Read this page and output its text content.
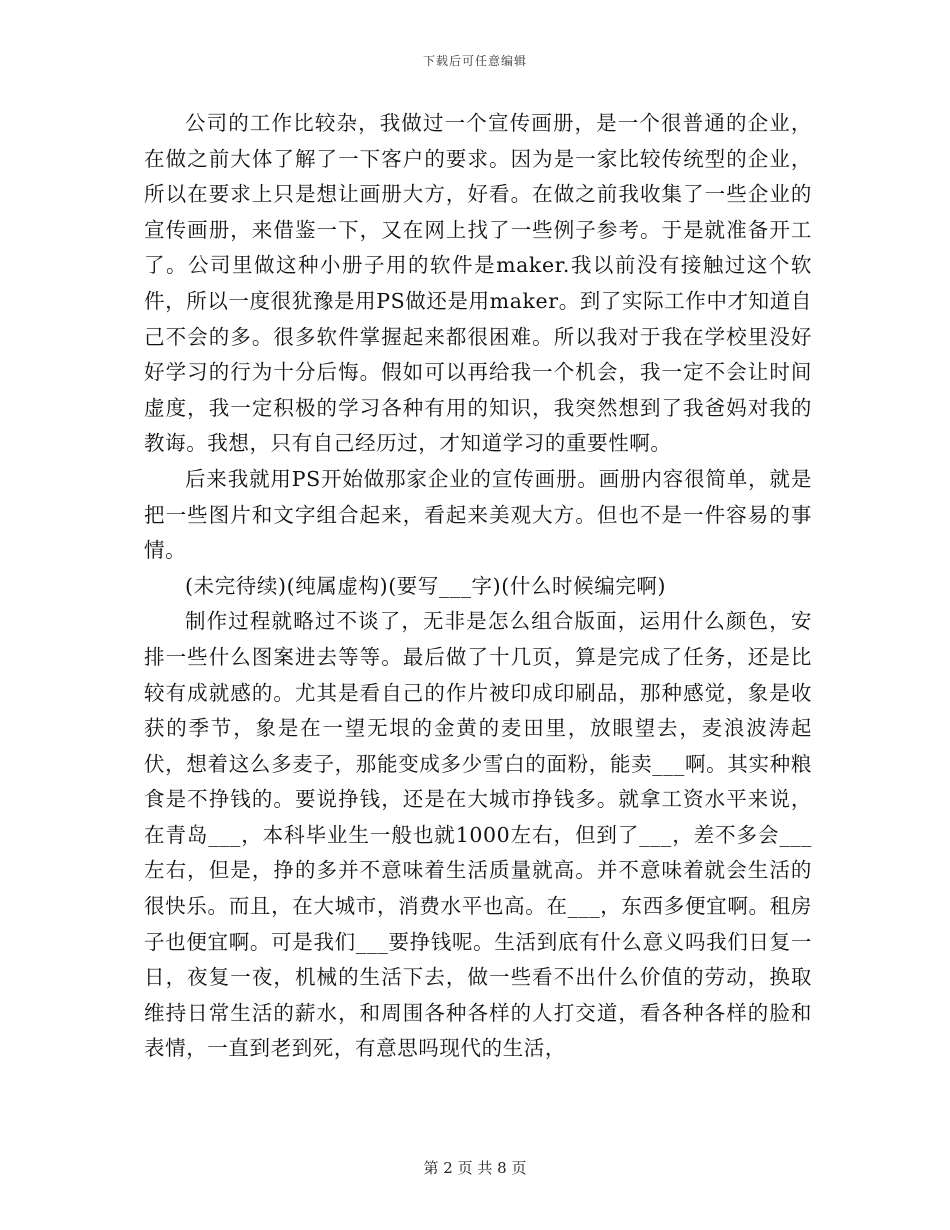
下载后可任意编辑

公司的工作比较杂，我做过一个宣传画册，是一个很普通的企业，在做之前大体了解了一下客户的要求。因为是一家比较传统型的企业，所以在要求上只是想让画册大方，好看。在做之前我收集了一些企业的宣传画册，来借鉴一下，又在网上找了一些例子参考。于是就准备开工了。公司里做这种小册子用的软件是maker.我以前没有接触过这个软件，所以一度很犹豫是用PS做还是用maker。到了实际工作中才知道自己不会的多。很多软件掌握起来都很困难。所以我对于我在学校里没好好学习的行为十分后悔。假如可以再给我一个机会，我一定不会让时间虚度，我一定积极的学习各种有用的知识，我突然想到了我爸妈对我的教诲。我想，只有自己经历过，才知道学习的重要性啊。

后来我就用PS开始做那家企业的宣传画册。画册内容很简单，就是把一些图片和文字组合起来，看起来美观大方。但也不是一件容易的事情。

(未完待续)(纯属虚构)(要写___字)(什么时候编完啊)

制作过程就略过不谈了，无非是怎么组合版面，运用什么颜色，安排一些什么图案进去等等。最后做了十几页，算是完成了任务，还是比较有成就感的。尤其是看自己的作片被印成印刷品，那种感觉，象是收获的季节，象是在一望无垠的金黄的麦田里，放眼望去，麦浪波涛起伏，想着这么多麦子，那能变成多少雪白的面粉，能卖___啊。其实种粮食是不挣钱的。要说挣钱，还是在大城市挣钱多。就拿工资水平来说，在青岛___，本科毕业生一般也就1000左右，但到了___，差不多会___左右，但是，挣的多并不意味着生活质量就高。并不意味着就会生活的很快乐。而且，在大城市，消费水平也高。在___，东西多便宜啊。租房子也便宜啊。可是我们___要挣钱呢。生活到底有什么意义吗我们日复一日，夜复一夜，机械的生活下去，做一些看不出什么价值的劳动，换取维持日常生活的薪水，和周围各种各样的人打交道，看各种各样的脸和表情，一直到老到死，有意思吗现代的生活，

第 2 页 共 8 页
